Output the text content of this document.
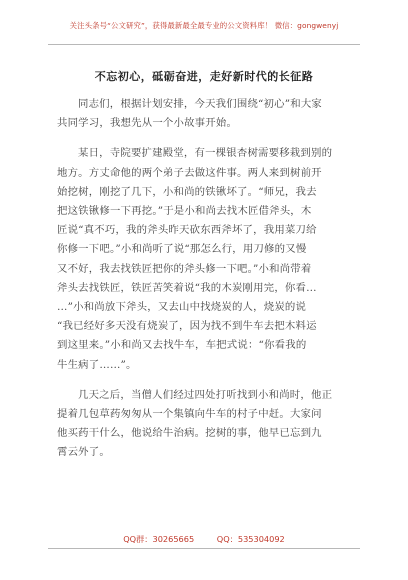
关注头条号“公文研究”，获得最新最全最专业的公文资料库！ 微信：gongwenyj
不忘初心，砥砺奋进，走好新时代的长征路

同志们，根据计划安排，今天我们围绕“初心”和大家
共同学习，我想先从一个小故事开始。

某日，寺院要扩建殿堂，有一棵银杏树需要移栽到别的
地方。方丈命他的两个弟子去做这件事。两人来到树前开
始挖树，刚挖了几下，小和尚的铁锹坏了。“师兄，我去
把这铁锹修一下再挖。”于是小和尚去找木匠借斧头，木
匠说“真不巧，我的斧头昨天砍东西斧坏了，我用菜刀给
你修一下吧。”小和尚听了说“那怎么行，用刀修的又慢
又不好，我去找铁匠把你的斧头修一下吧。”小和尚带着
斧头去找铁匠，铁匠苦笑着说“我的木炭刚用完，你看…
…”小和尚放下斧头，又去山中找烧炭的人，烧炭的说
“我已经好多天没有烧炭了，因为找不到牛车去把木料运
到这里来。”小和尚又去找牛车，车把式说：“你看我的
牛生病了……”。

几天之后，当僧人们经过四处打听找到小和尚时，他正
提着几包草药匆匆从一个集镇向牛车的村子中赶。大家问
他买药干什么，他说给牛治病。挖树的事，他早已忘到九
霄云外了。

QQ群：30265665	QQ：535304092
